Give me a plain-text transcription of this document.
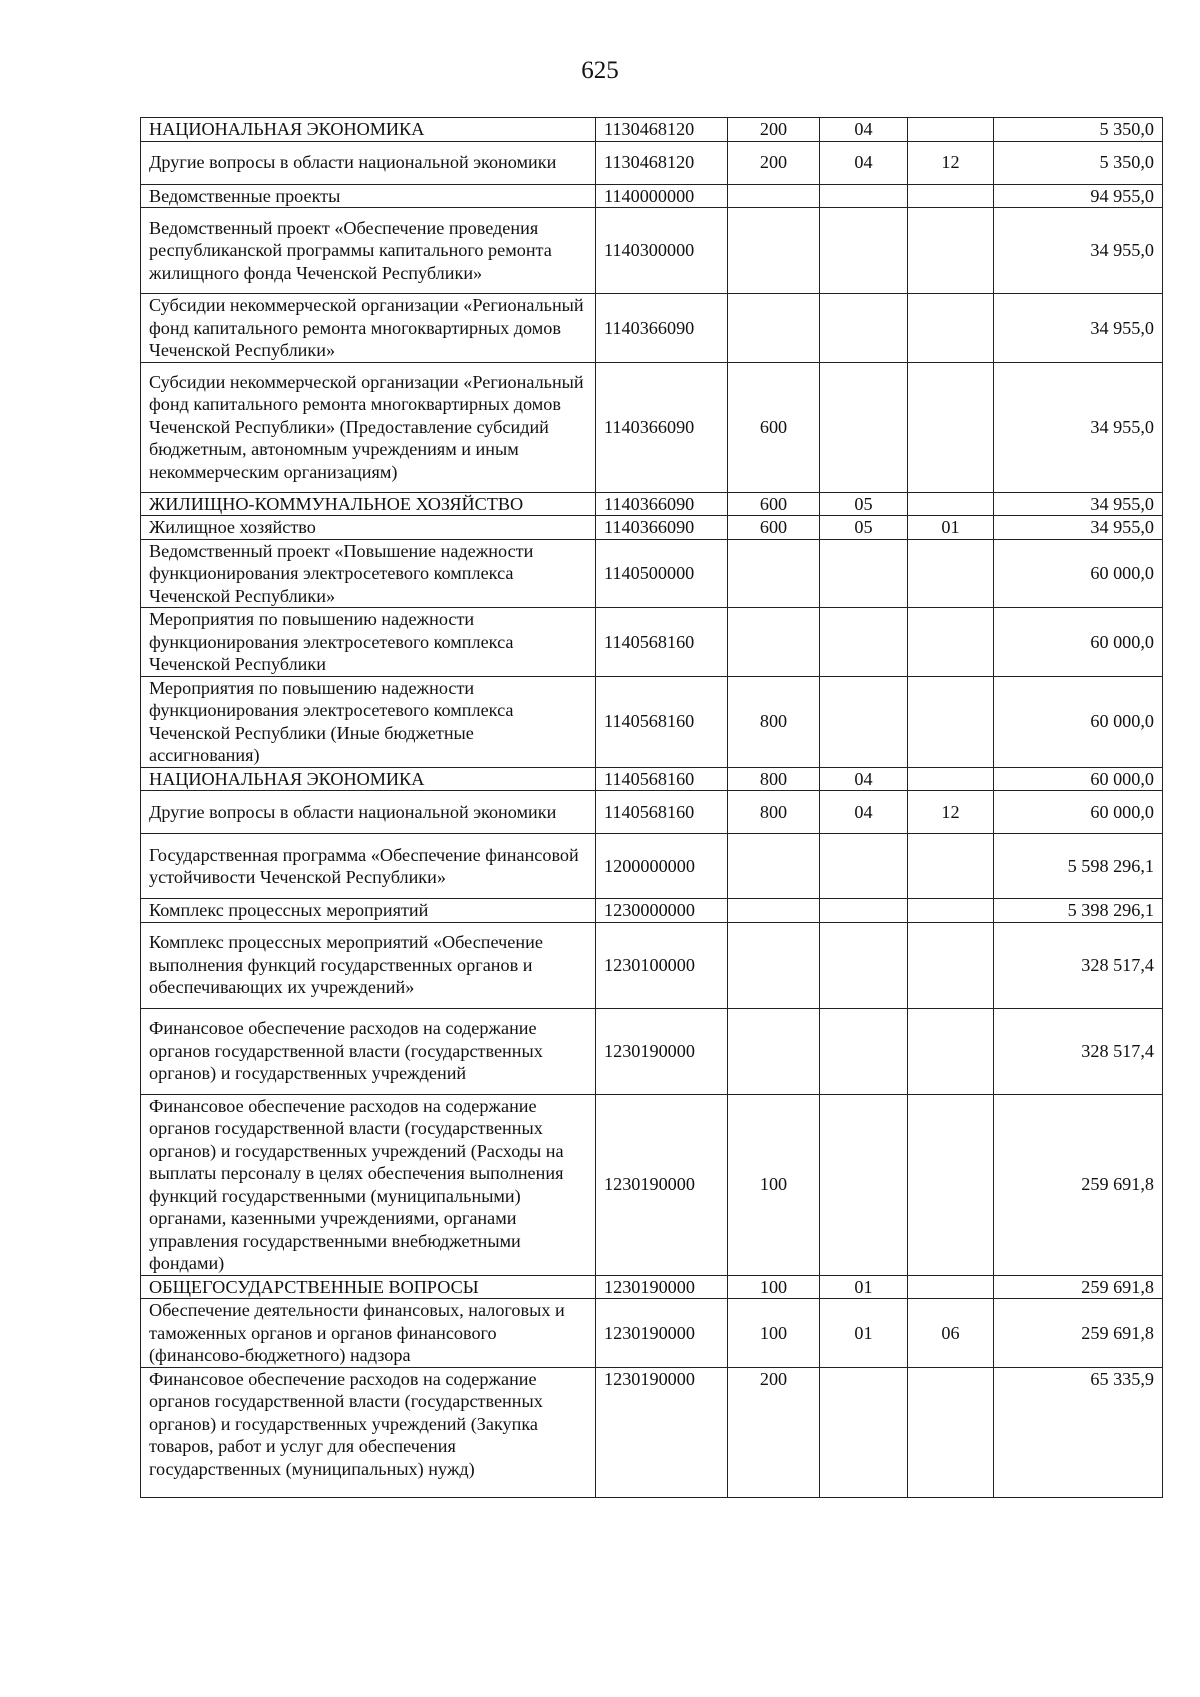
625
НАЦИОНАЛЬНАЯ ЭКОНОМИКА	1130468120	200	04		5 350,0
Другие вопросы в области национальной экономики	1130468120	200	04	12	5 350,0
Ведомственные проекты	1140000000				94 955,0
Ведомственный проект «Обеспечение проведения республиканской программы капитального ремонта жилищного фонда Чеченской Республики»	1140300000				34 955,0
Субсидии некоммерческой организации «Региональный фонд капитального ремонта многоквартирных домов Чеченской Республики»	1140366090				34 955,0
Субсидии некоммерческой организации «Региональный фонд капитального ремонта многоквартирных домов Чеченской Республики» (Предоставление субсидий бюджетным, автономным учреждениям и иным некоммерческим организациям)	1140366090	600			34 955,0
ЖИЛИЩНО-КОММУНАЛЬНОЕ ХОЗЯЙСТВО	1140366090	600	05		34 955,0
Жилищное хозяйство	1140366090	600	05	01	34 955,0
Ведомственный проект «Повышение надежности функционирования электросетевого комплекса Чеченской Республики»	1140500000				60 000,0
Мероприятия по повышению надежности функционирования электросетевого комплекса Чеченской Республики	1140568160				60 000,0
Мероприятия по повышению надежности функционирования электросетевого комплекса Чеченской Республики (Иные бюджетные ассигнования)	1140568160	800			60 000,0
НАЦИОНАЛЬНАЯ ЭКОНОМИКА	1140568160	800	04		60 000,0
Другие вопросы в области национальной экономики	1140568160	800	04	12	60 000,0
Государственная программа «Обеспечение финансовой устойчивости Чеченской Республики»	1200000000				5 598 296,1
Комплекс процессных мероприятий	1230000000				5 398 296,1
Комплекс процессных мероприятий «Обеспечение выполнения функций государственных органов и обеспечивающих их учреждений»	1230100000				328 517,4
Финансовое обеспечение расходов на содержание органов государственной власти (государственных органов) и государственных учреждений	1230190000				328 517,4
Финансовое обеспечение расходов на содержание органов государственной власти (государственных органов) и государственных учреждений (Расходы на выплаты персоналу в целях обеспечения выполнения функций государственными (муниципальными) органами, казенными учреждениями, органами управления государственными внебюджетными фондами)	1230190000	100			259 691,8
ОБЩЕГОСУДАРСТВЕННЫЕ ВОПРОСЫ	1230190000	100	01		259 691,8
Обеспечение деятельности финансовых, налоговых и таможенных органов и органов финансового (финансово-бюджетного) надзора	1230190000	100	01	06	259 691,8
Финансовое обеспечение расходов на содержание органов государственной власти (государственных органов) и государственных учреждений (Закупка товаров, работ и услуг для обеспечения государственных (муниципальных) нужд)	1230190000	200			65 335,9
